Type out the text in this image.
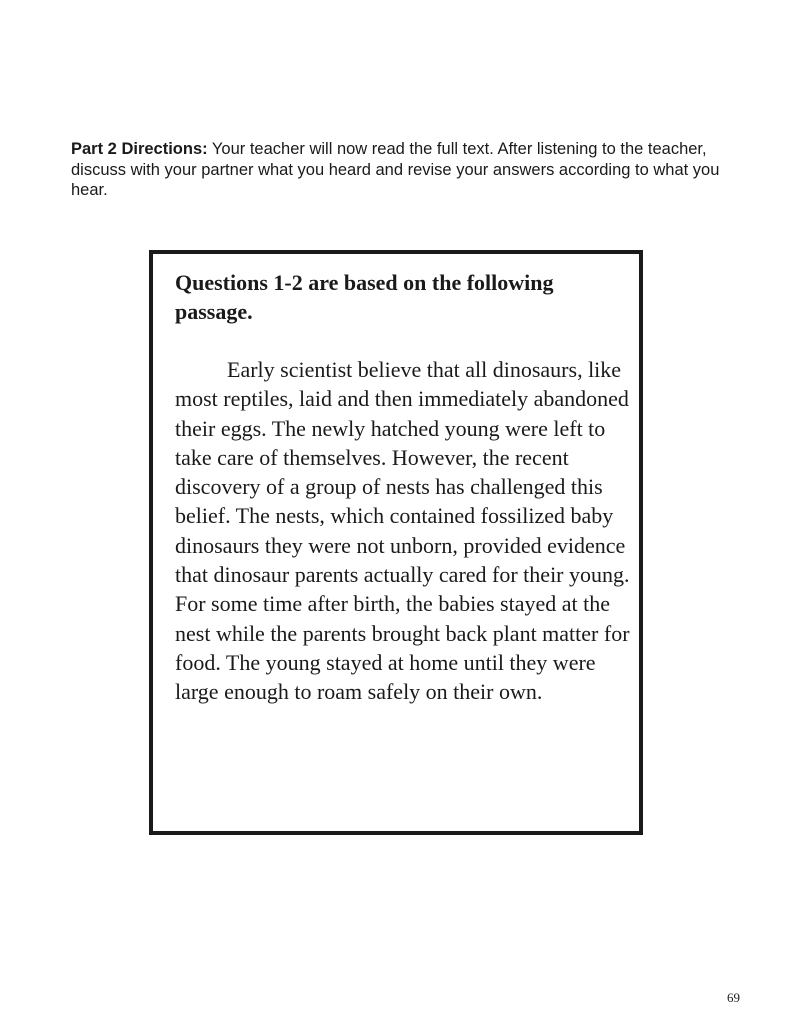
Part 2 Directions: Your teacher will now read the full text. After listening to the teacher, discuss with your partner what you heard and revise your answers according to what you hear.

Questions 1-2 are based on the following passage.

Early scientist believe that all dinosaurs, like most reptiles, laid and then immediately abandoned their eggs. The newly hatched young were left to take care of themselves. However, the recent discovery of a group of nests has challenged this belief. The nests, which contained fossilized baby dinosaurs they were not unborn, provided evidence that dinosaur parents actually cared for their young. For some time after birth, the babies stayed at the nest while the parents brought back plant matter for food. The young stayed at home until they were large enough to roam safely on their own.

69
